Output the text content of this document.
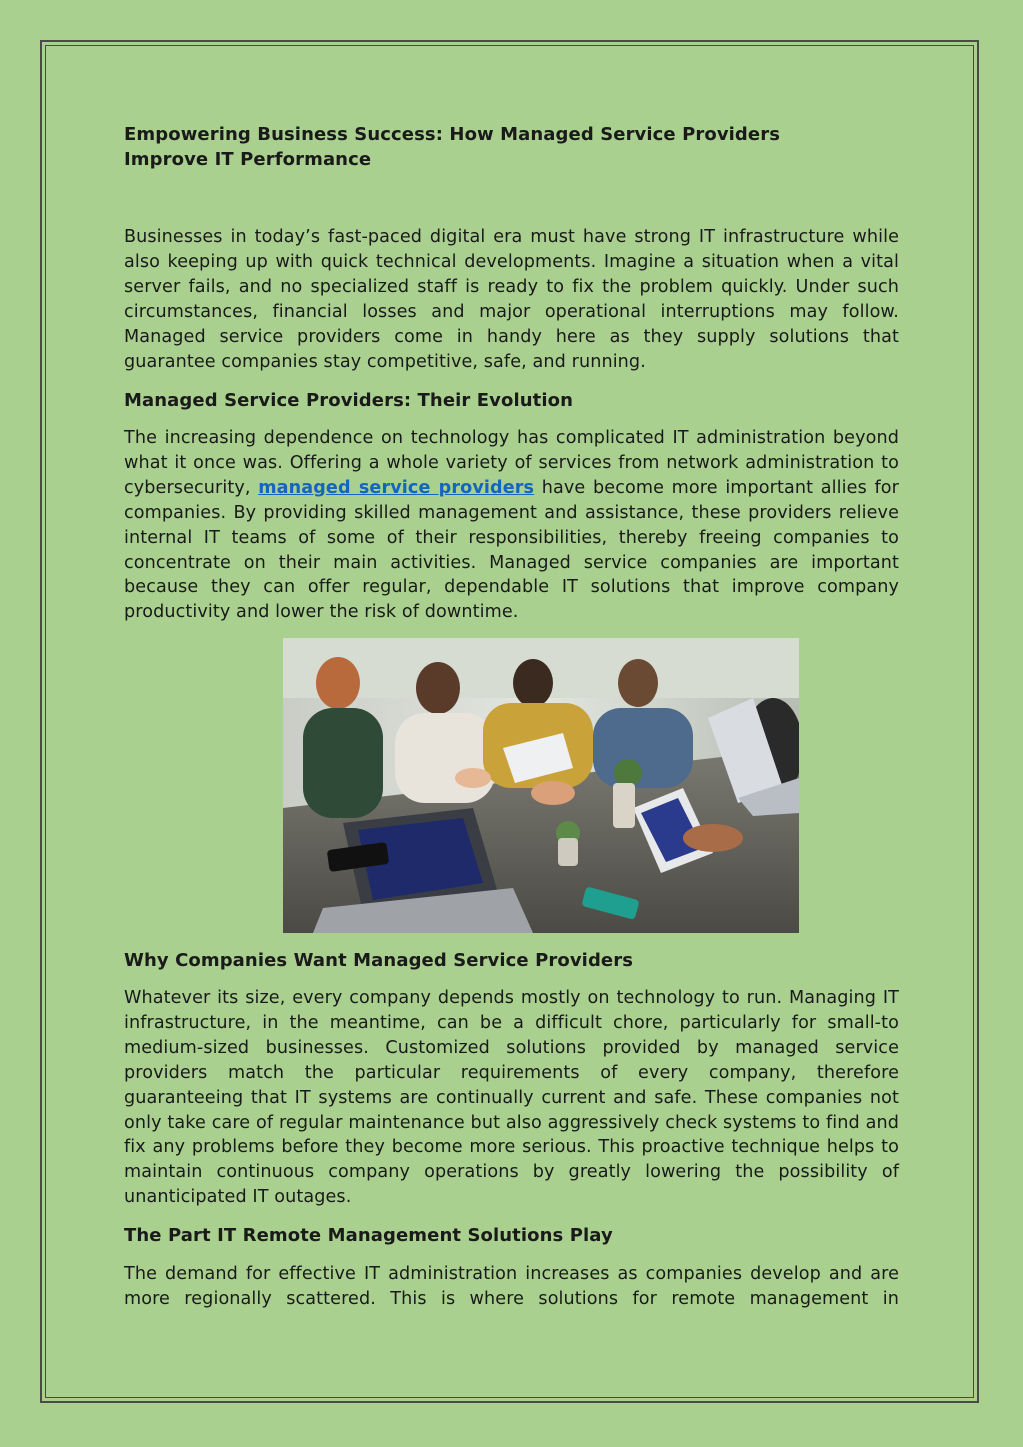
Empowering Business Success: How Managed Service Providers
Improve IT Performance

Businesses in today’s fast-paced digital era must have strong IT infrastructure while also keeping up with quick technical developments. Imagine a situation when a vital server fails, and no specialized staff is ready to fix the problem quickly. Under such circumstances, financial losses and major operational interruptions may follow. Managed service providers come in handy here as they supply solutions that guarantee companies stay competitive, safe, and running.

Managed Service Providers: Their Evolution

The increasing dependence on technology has complicated IT administration beyond what it once was. Offering a whole variety of services from network administration to cybersecurity, managed service providers have become more important allies for companies. By providing skilled management and assistance, these providers relieve internal IT teams of some of their responsibilities, thereby freeing companies to concentrate on their main activities. Managed service companies are important because they can offer regular, dependable IT solutions that improve company productivity and lower the risk of downtime.

Why Companies Want Managed Service Providers

Whatever its size, every company depends mostly on technology to run. Managing IT infrastructure, in the meantime, can be a difficult chore, particularly for small-to medium-sized businesses. Customized solutions provided by managed service providers match the particular requirements of every company, therefore guaranteeing that IT systems are continually current and safe. These companies not only take care of regular maintenance but also aggressively check systems to find and fix any problems before they become more serious. This proactive technique helps to maintain continuous company operations by greatly lowering the possibility of unanticipated IT outages.

The Part IT Remote Management Solutions Play

The demand for effective IT administration increases as companies develop and are more regionally scattered. This is where solutions for remote management in
